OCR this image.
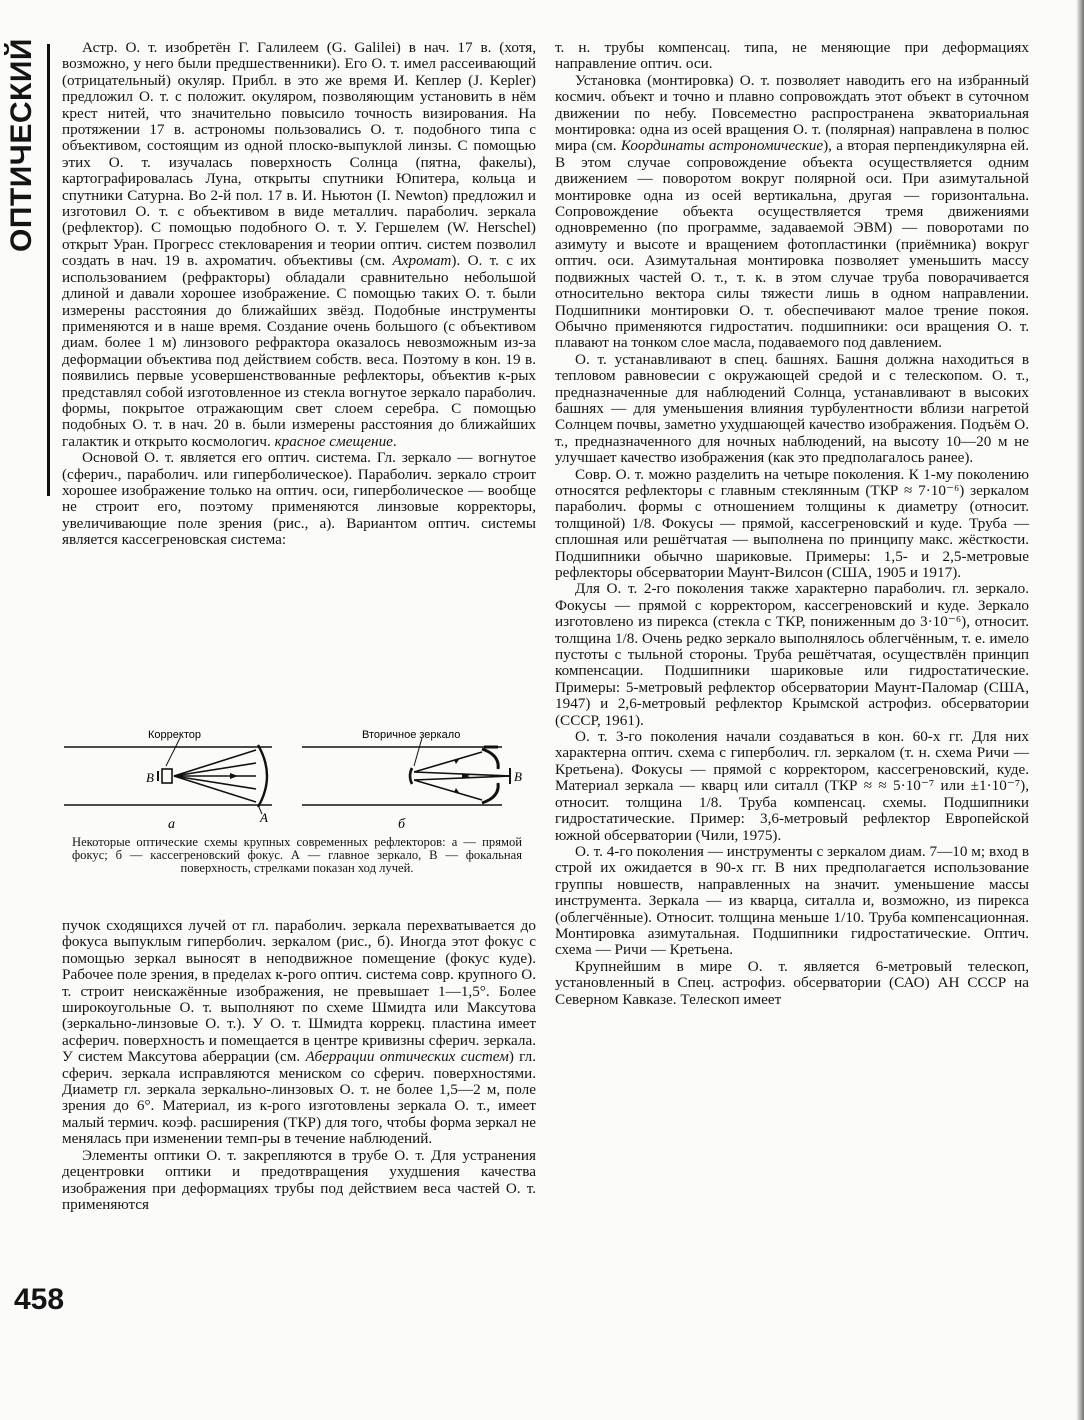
ОПТИЧЕСКИЙ
458

Астр. О. т. изобретён Г. Галилеем (G. Galilei) в нач. 17 в. (хотя, возможно, у него были предшественники). Его О. т. имел рассеивающий (отрицательный) окуляр. Прибл. в это же время И. Кеплер (J. Kepler) предложил О. т. с положит. окуляром, позволяющим установить в нём крест нитей, что значительно повысило точность визирования. На протяжении 17 в. астрономы пользовались О. т. подобного типа с объективом, состоящим из одной плоско-выпуклой линзы. С помощью этих О. т. изучалась поверхность Солнца (пятна, факелы), картографировалась Луна, открыты спутники Юпитера, кольца и спутники Сатурна. Во 2-й пол. 17 в. И. Ньютон (I. Newton) предложил и изготовил О. т. с объективом в виде металлич. параболич. зеркала (рефлектор). С помощью подобного О. т. У. Гершелем (W. Herschel) открыт Уран. Прогресс стекловарения и теории оптич. систем позволил создать в нач. 19 в. ахроматич. объективы (см. Ахромат). О. т. с их использованием (рефракторы) обладали сравнительно небольшой длиной и давали хорошее изображение. С помощью таких О. т. были измерены расстояния до ближайших звёзд. Подобные инструменты применяются и в наше время. Создание очень большого (с объективом диам. более 1 м) линзового рефрактора оказалось невозможным из-за деформации объектива под действием собств. веса. Поэтому в кон. 19 в. появились первые усовершенствованные рефлекторы, объектив к-рых представлял собой изготовленное из стекла вогнутое зеркало параболич. формы, покрытое отражающим свет слоем серебра. С помощью подобных О. т. в нач. 20 в. были измерены расстояния до ближайших галактик и открыто космологич. красное смещение.

Основой О. т. является его оптич. система. Гл. зеркало — вогнутое (сферич., параболич. или гиперболическое). Параболич. зеркало строит хорошее изображение только на оптич. оси, гиперболическое — вообще не строит его, поэтому применяются линзовые корректоры, увеличивающие поле зрения (рис., а). Вариантом оптич. системы является кассегреновская система:

Корректор	Вторичное зеркало
В	В
А
а	б
Некоторые оптические схемы крупных современных рефлекторов: а — прямой фокус; б — кассегреновский фокус. А — главное зеркало, В — фокальная поверхность, стрелками показан ход лучей.

пучок сходящихся лучей от гл. параболич. зеркала перехватывается до фокуса выпуклым гиперболич. зеркалом (рис., б). Иногда этот фокус с помощью зеркал выносят в неподвижное помещение (фокус куде). Рабочее поле зрения, в пределах к-рого оптич. система совр. крупного О. т. строит неискажённые изображения, не превышает 1—1,5°. Более широкоугольные О. т. выполняют по схеме Шмидта или Максутова (зеркально-линзовые О. т.). У О. т. Шмидта коррекц. пластина имеет асферич. поверхность и помещается в центре кривизны сферич. зеркала. У систем Максутова аберрации (см. Аберрации оптических систем) гл. сферич. зеркала исправляются мениском со сферич. поверхностями. Диаметр гл. зеркала зеркально-линзовых О. т. не более 1,5—2 м, поле зрения до 6°. Материал, из к-рого изготовлены зеркала О. т., имеет малый термич. коэф. расширения (ТКР) для того, чтобы форма зеркал не менялась при изменении темп-ры в течение наблюдений.

Элементы оптики О. т. закрепляются в трубе О. т. Для устранения децентровки оптики и предотвращения ухудшения качества изображения при деформациях трубы под действием веса частей О. т. применяются

т. н. трубы компенсац. типа, не меняющие при деформациях направление оптич. оси.

Установка (монтировка) О. т. позволяет наводить его на избранный космич. объект и точно и плавно сопровождать этот объект в суточном движении по небу. Повсеместно распространена экваториальная монтировка: одна из осей вращения О. т. (полярная) направлена в полюс мира (см. Координаты астрономические), а вторая перпендикулярна ей. В этом случае сопровождение объекта осуществляется одним движением — поворотом вокруг полярной оси. При азимутальной монтировке одна из осей вертикальна, другая — горизонтальна. Сопровождение объекта осуществляется тремя движениями одновременно (по программе, задаваемой ЭВМ) — поворотами по азимуту и высоте и вращением фотопластинки (приёмника) вокруг оптич. оси. Азимутальная монтировка позволяет уменьшить массу подвижных частей О. т., т. к. в этом случае труба поворачивается относительно вектора силы тяжести лишь в одном направлении. Подшипники монтировки О. т. обеспечивают малое трение покоя. Обычно применяются гидростатич. подшипники: оси вращения О. т. плавают на тонком слое масла, подаваемого под давлением.

О. т. устанавливают в спец. башнях. Башня должна находиться в тепловом равновесии с окружающей средой и с телескопом. О. т., предназначенные для наблюдений Солнца, устанавливают в высоких башнях — для уменьшения влияния турбулентности вблизи нагретой Солнцем почвы, заметно ухудшающей качество изображения. Подъём О. т., предназначенного для ночных наблюдений, на высоту 10—20 м не улучшает качество изображения (как это предполагалось ранее).

Совр. О. т. можно разделить на четыре поколения. К 1-му поколению относятся рефлекторы с главным стеклянным (ТКР ≈ 7·10⁻⁶) зеркалом параболич. формы с отношением толщины к диаметру (относит. толщиной) 1/8. Фокусы — прямой, кассегреновский и куде. Труба — сплошная или решётчатая — выполнена по принципу макс. жёсткости. Подшипники обычно шариковые. Примеры: 1,5- и 2,5-метровые рефлекторы обсерватории Маунт-Вилсон (США, 1905 и 1917).

Для О. т. 2-го поколения также характерно параболич. гл. зеркало. Фокусы — прямой с корректором, кассегреновский и куде. Зеркало изготовлено из пирекса (стекла с ТКР, пониженным до 3·10⁻⁶), относит. толщина 1/8. Очень редко зеркало выполнялось облегчённым, т. е. имело пустоты с тыльной стороны. Труба решётчатая, осуществлён принцип компенсации. Подшипники шариковые или гидростатические. Примеры: 5-метровый рефлектор обсерватории Маунт-Паломар (США, 1947) и 2,6-метровый рефлектор Крымской астрофиз. обсерватории (СССР, 1961).

О. т. 3-го поколения начали создаваться в кон. 60-х гг. Для них характерна оптич. схема с гиперболич. гл. зеркалом (т. н. схема Ричи — Кретьена). Фокусы — прямой с корректором, кассегреновский, куде. Материал зеркала — кварц или ситалл (ТКР ≈ ≈ 5·10⁻⁷ или ±1·10⁻⁷), относит. толщина 1/8. Труба компенсац. схемы. Подшипники гидростатические. Пример: 3,6-метровый рефлектор Европейской южной обсерватории (Чили, 1975).

О. т. 4-го поколения — инструменты с зеркалом диам. 7—10 м; вход в строй их ожидается в 90-х гг. В них предполагается использование группы новшеств, направленных на значит. уменьшение массы инструмента. Зеркала — из кварца, ситалла и, возможно, из пирекса (облегчённые). Относит. толщина меньше 1/10. Труба компенсационная. Монтировка азимутальная. Подшипники гидростатические. Оптич. схема — Ричи — Кретьена.

Крупнейшим в мире О. т. является 6-метровый телескоп, установленный в Спец. астрофиз. обсерватории (САО) АН СССР на Северном Кавказе. Телескоп имеет
